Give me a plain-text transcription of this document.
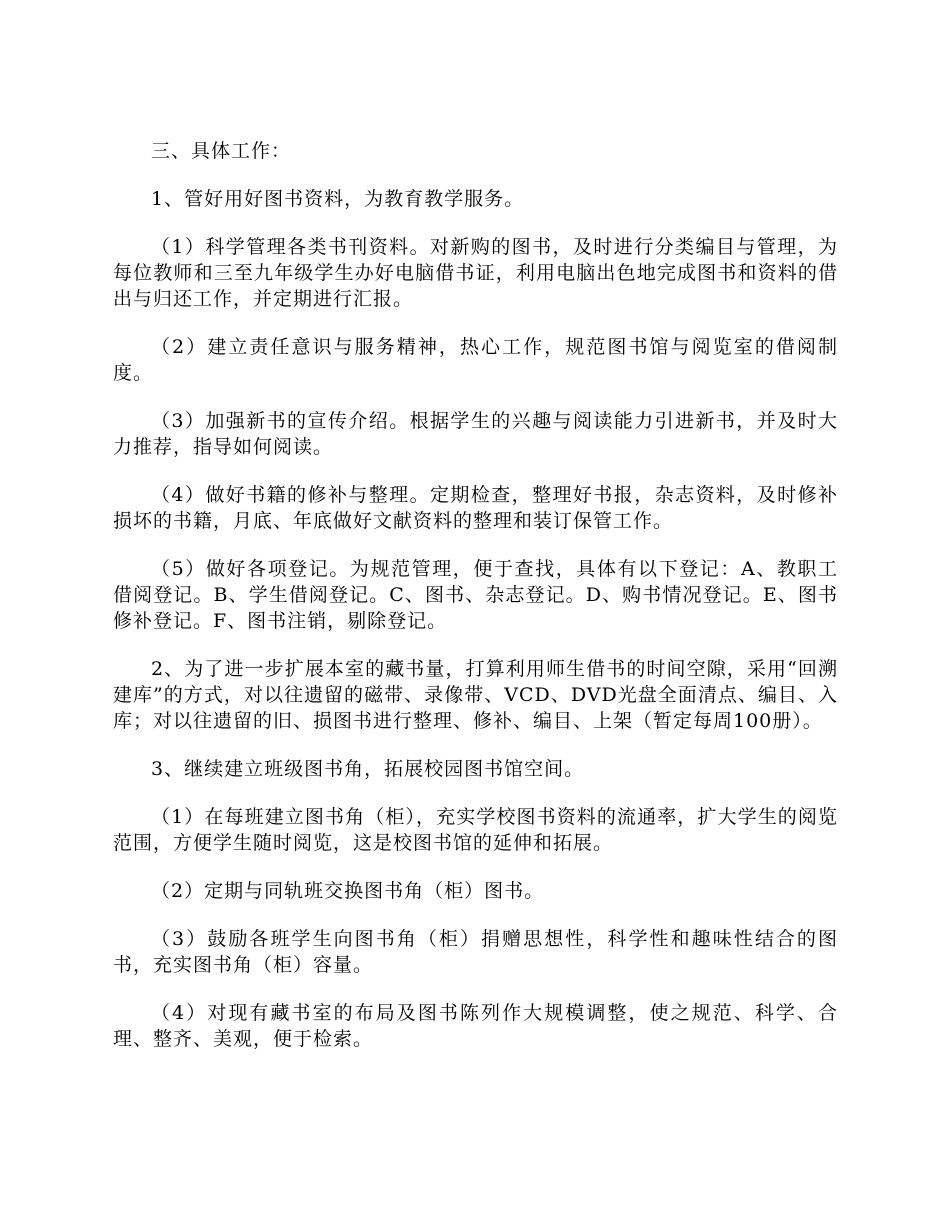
三、具体工作：

1、管好用好图书资料，为教育教学服务。

（1）科学管理各类书刊资料。对新购的图书，及时进行分类编目与管理，为每位教师和三至九年级学生办好电脑借书证，利用电脑出色地完成图书和资料的借出与归还工作，并定期进行汇报。

（2）建立责任意识与服务精神，热心工作，规范图书馆与阅览室的借阅制度。

（3）加强新书的宣传介绍。根据学生的兴趣与阅读能力引进新书，并及时大力推荐，指导如何阅读。

（4）做好书籍的修补与整理。定期检查，整理好书报，杂志资料，及时修补损坏的书籍，月底、年底做好文献资料的整理和装订保管工作。

（5）做好各项登记。为规范管理，便于查找，具体有以下登记：A、教职工借阅登记。B、学生借阅登记。C、图书、杂志登记。D、购书情况登记。E、图书修补登记。F、图书注销，剔除登记。

2、为了进一步扩展本室的藏书量，打算利用师生借书的时间空隙，采用“回溯建库”的方式，对以往遗留的磁带、录像带、VCD、DVD光盘全面清点、编目、入库；对以往遗留的旧、损图书进行整理、修补、编目、上架（暂定每周100册）。

3、继续建立班级图书角，拓展校园图书馆空间。

（1）在每班建立图书角（柜），充实学校图书资料的流通率，扩大学生的阅览范围，方便学生随时阅览，这是校图书馆的延伸和拓展。

（2）定期与同轨班交换图书角（柜）图书。

（3）鼓励各班学生向图书角（柜）捐赠思想性，科学性和趣味性结合的图书，充实图书角（柜）容量。

（4）对现有藏书室的布局及图书陈列作大规模调整，使之规范、科学、合理、整齐、美观，便于检索。
